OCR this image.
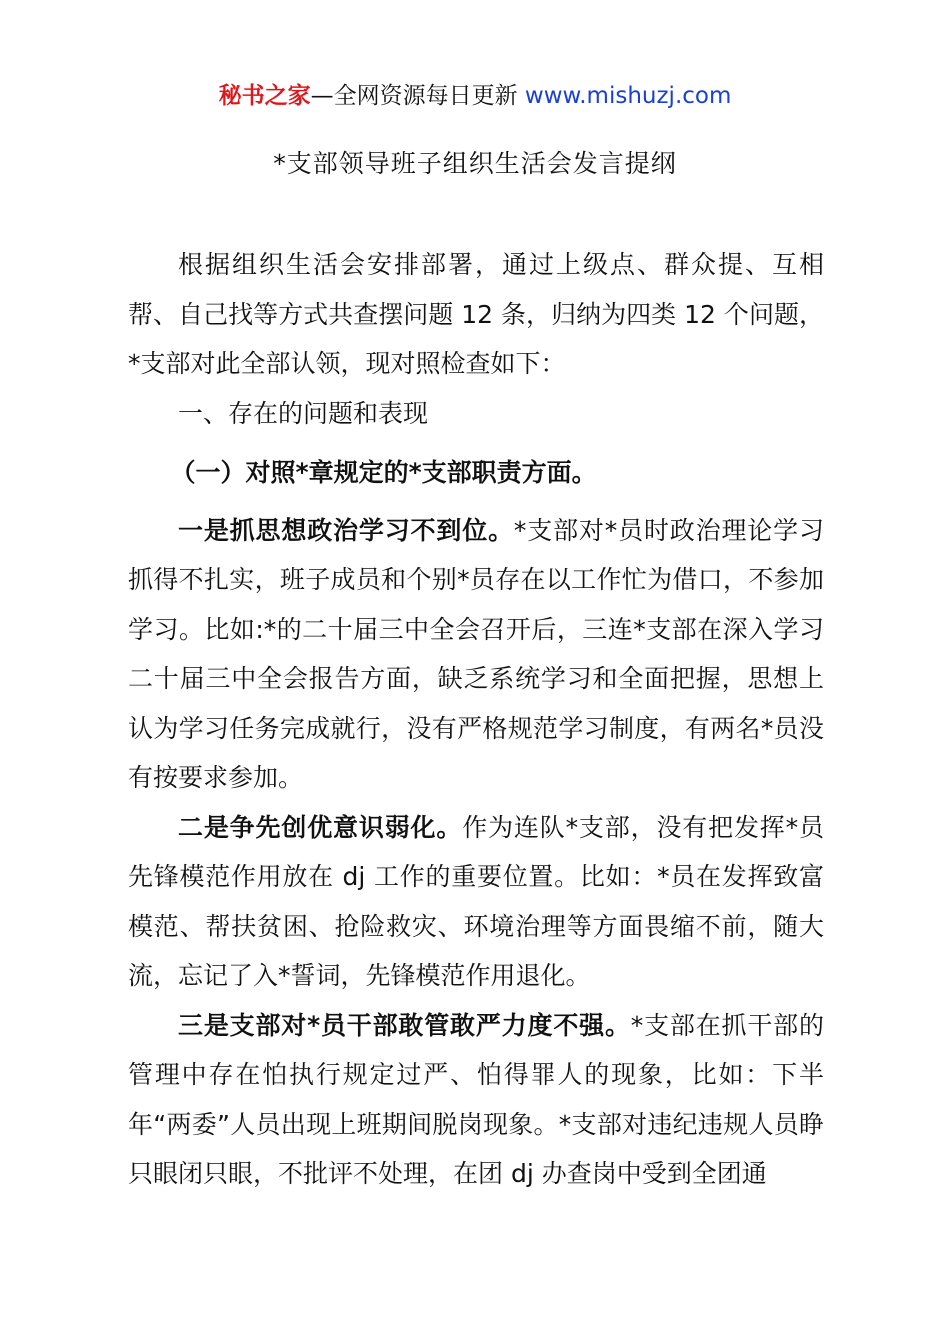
秘书之家—全网资源每日更新 www.mishuzj.com
*支部领导班子组织生活会发言提纲

根据组织生活会安排部署，通过上级点、群众提、互相帮、自己找等方式共查摆问题 12 条，归纳为四类 12 个问题，*支部对此全部认领，现对照检查如下：

一、存在的问题和表现

（一）对照*章规定的*支部职责方面。

一是抓思想政治学习不到位。*支部对*员时政治理论学习抓得不扎实，班子成员和个别*员存在以工作忙为借口，不参加学习。比如:*的二十届三中全会召开后，三连*支部在深入学习二十届三中全会报告方面，缺乏系统学习和全面把握，思想上认为学习任务完成就行，没有严格规范学习制度，有两名*员没有按要求参加。

二是争先创优意识弱化。作为连队*支部，没有把发挥*员先锋模范作用放在 dj 工作的重要位置。比如：*员在发挥致富模范、帮扶贫困、抢险救灾、环境治理等方面畏缩不前，随大流，忘记了入*誓词，先锋模范作用退化。

三是支部对*员干部敢管敢严力度不强。*支部在抓干部的管理中存在怕执行规定过严、怕得罪人的现象，比如：下半年“两委”人员出现上班期间脱岗现象。*支部对违纪违规人员睁只眼闭只眼，不批评不处理，在团 dj 办查岗中受到全团通
